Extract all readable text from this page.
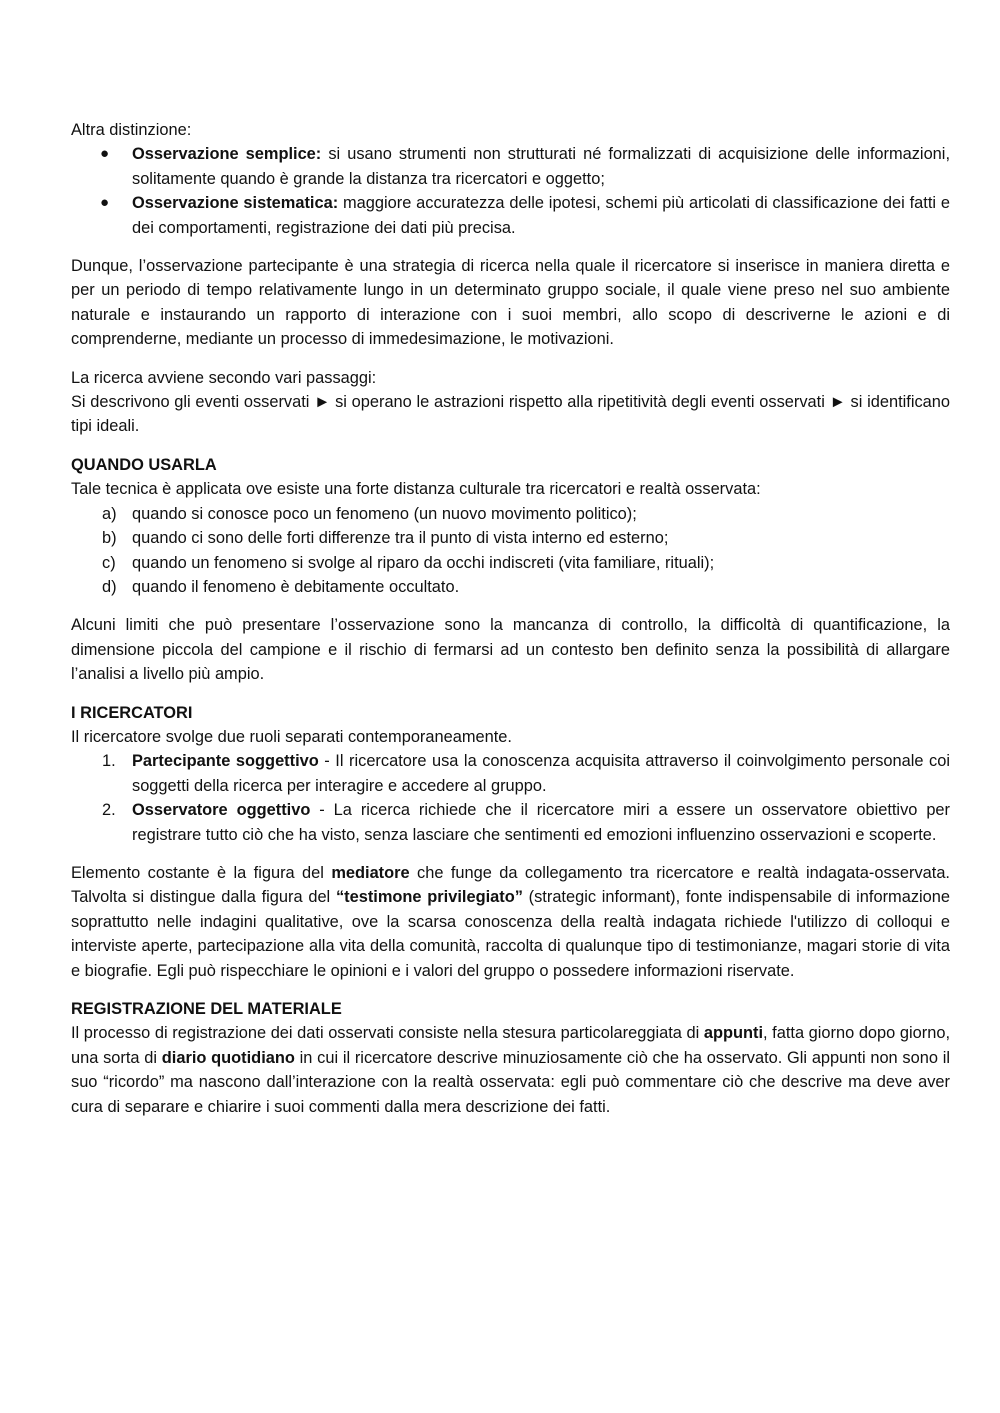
Altra distinzione:

● Osservazione semplice: si usano strumenti non strutturati né formalizzati di acquisizione delle informazioni, solitamente quando è grande la distanza tra ricercatori e oggetto;
● Osservazione sistematica: maggiore accuratezza delle ipotesi, schemi più articolati di classificazione dei fatti e dei comportamenti, registrazione dei dati più precisa.

Dunque, l’osservazione partecipante è una strategia di ricerca nella quale il ricercatore si inserisce in maniera diretta e per un periodo di tempo relativamente lungo in un determinato gruppo sociale, il quale viene preso nel suo ambiente naturale e instaurando un rapporto di interazione con i suoi membri, allo scopo di descriverne le azioni e di comprenderne, mediante un processo di immedesimazione, le motivazioni.

La ricerca avviene secondo vari passaggi:

Si descrivono gli eventi osservati ► si operano le astrazioni rispetto alla ripetitività degli eventi osservati ► si identificano tipi ideali.

QUANDO USARLA

Tale tecnica è applicata ove esiste una forte distanza culturale tra ricercatori e realtà osservata:

a) quando si conosce poco un fenomeno (un nuovo movimento politico);
b) quando ci sono delle forti differenze tra il punto di vista interno ed esterno;
c) quando un fenomeno si svolge al riparo da occhi indiscreti (vita familiare, rituali);
d) quando il fenomeno è debitamente occultato.

Alcuni limiti che può presentare l’osservazione sono la mancanza di controllo, la difficoltà di quantificazione, la dimensione piccola del campione e il rischio di fermarsi ad un contesto ben definito senza la possibilità di allargare l’analisi a livello più ampio.

I RICERCATORI

Il ricercatore svolge due ruoli separati contemporaneamente.

1. Partecipante soggettivo - Il ricercatore usa la conoscenza acquisita attraverso il coinvolgimento personale coi soggetti della ricerca per interagire e accedere al gruppo.
2. Osservatore oggettivo - La ricerca richiede che il ricercatore miri a essere un osservatore obiettivo per registrare tutto ciò che ha visto, senza lasciare che sentimenti ed emozioni influenzino osservazioni e scoperte.

Elemento costante è la figura del mediatore che funge da collegamento tra ricercatore e realtà indagata-osservata. Talvolta si distingue dalla figura del “testimone privilegiato” (strategic informant), fonte indispensabile di informazione soprattutto nelle indagini qualitative, ove la scarsa conoscenza della realtà indagata richiede l'utilizzo di colloqui e interviste aperte, partecipazione alla vita della comunità, raccolta di qualunque tipo di testimonianze, magari storie di vita e biografie. Egli può rispecchiare le opinioni e i valori del gruppo o possedere informazioni riservate.

REGISTRAZIONE DEL MATERIALE

Il processo di registrazione dei dati osservati consiste nella stesura particolareggiata di appunti, fatta giorno dopo giorno, una sorta di diario quotidiano in cui il ricercatore descrive minuziosamente ciò che ha osservato. Gli appunti non sono il suo “ricordo” ma nascono dall’interazione con la realtà osservata: egli può commentare ciò che descrive ma deve aver cura di separare e chiarire i suoi commenti dalla mera descrizione dei fatti.
